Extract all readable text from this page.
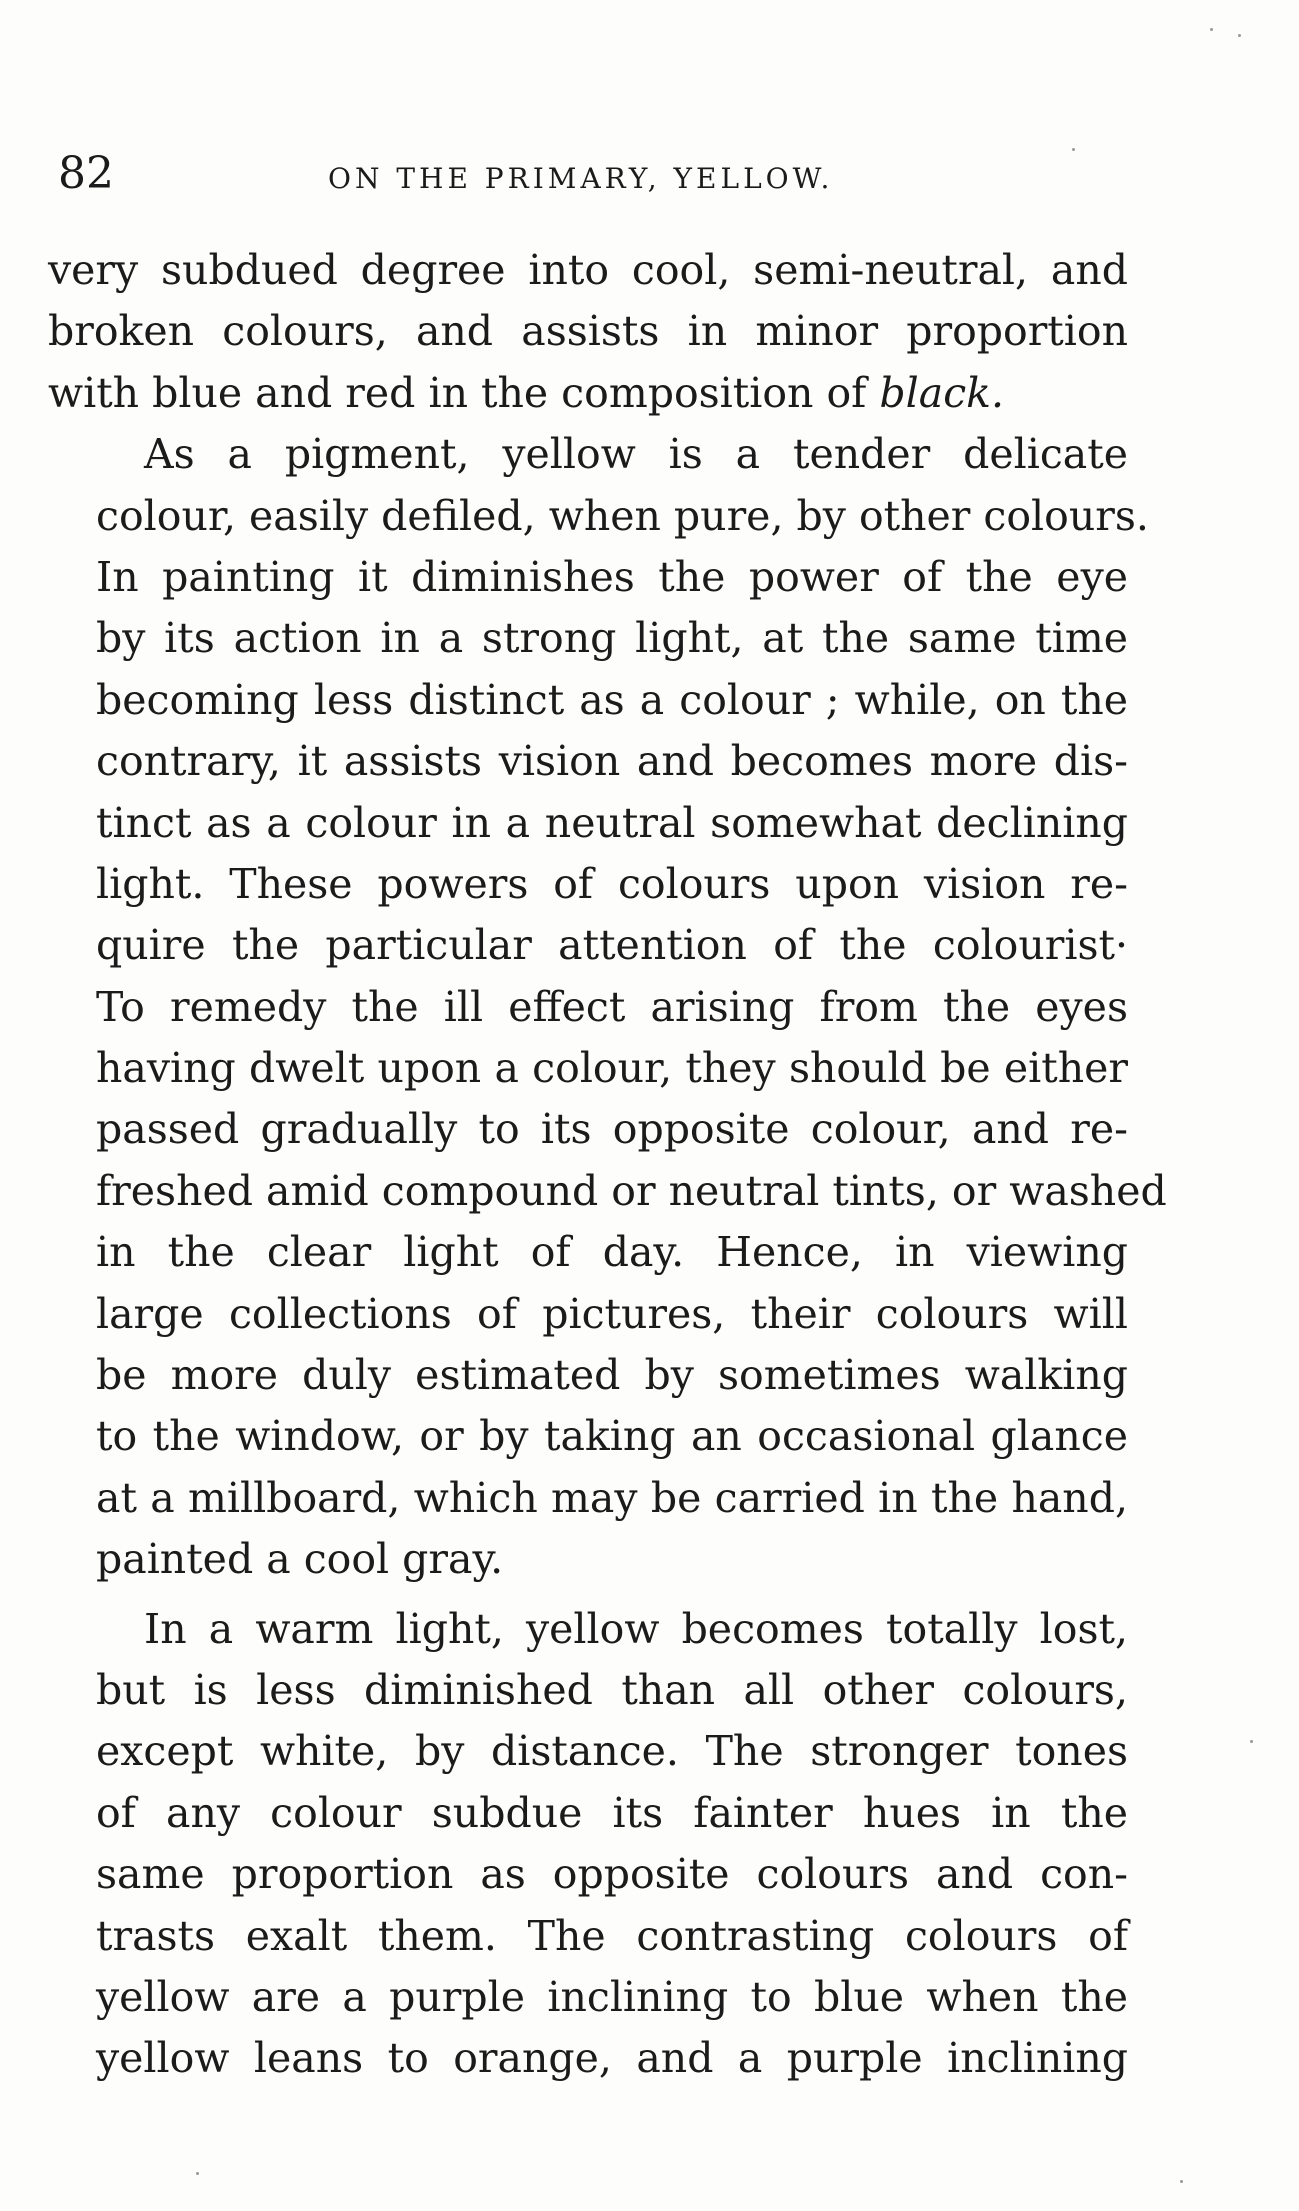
82	ON THE PRIMARY, YELLOW.

very subdued degree into cool, semi-neutral, and
broken colours, and assists in minor proportion
with blue and red in the composition of black.

As a pigment, yellow is a tender delicate
colour, easily defiled, when pure, by other colours.
In painting it diminishes the power of the eye
by its action in a strong light, at the same time
becoming less distinct as a colour ; while, on the
contrary, it assists vision and becomes more dis-
tinct as a colour in a neutral somewhat declining
light. These powers of colours upon vision re-
quire the particular attention of the colourist·
To remedy the ill effect arising from the eyes
having dwelt upon a colour, they should be either
passed gradually to its opposite colour, and re-
freshed amid compound or neutral tints, or washed
in the clear light of day. Hence, in viewing
large collections of pictures, their colours will
be more duly estimated by sometimes walking
to the window, or by taking an occasional glance
at a millboard, which may be carried in the hand,
painted a cool gray.

In a warm light, yellow becomes totally lost,
but is less diminished than all other colours,
except white, by distance. The stronger tones
of any colour subdue its fainter hues in the
same proportion as opposite colours and con-
trasts exalt them. The contrasting colours of
yellow are a purple inclining to blue when the
yellow leans to orange, and a purple inclining
